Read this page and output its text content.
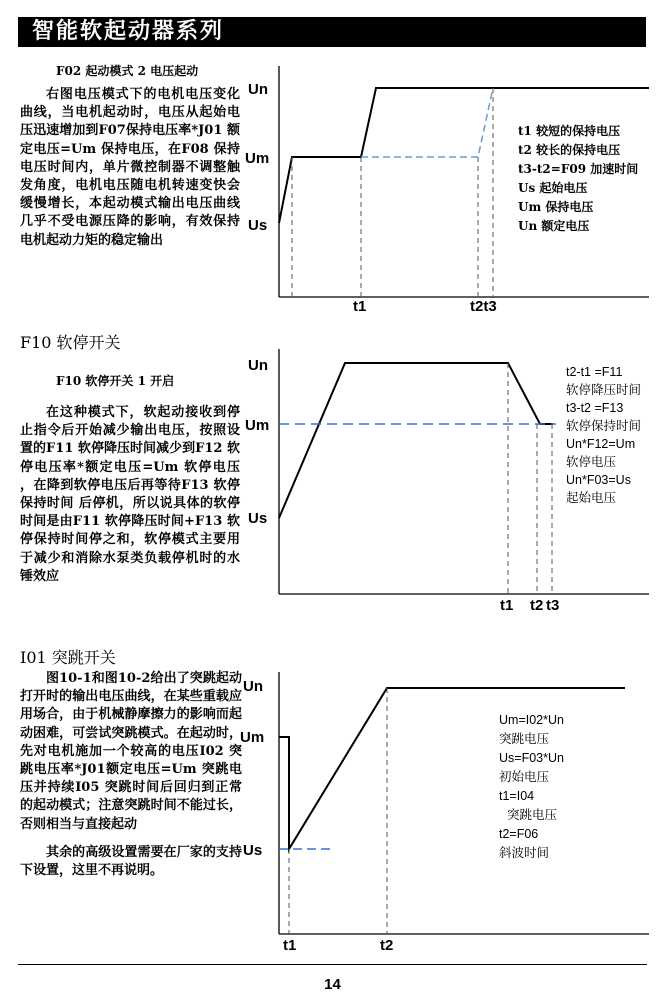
智能软起动器系列
F02 起动模式 2 电压起动

右图电压模式下的电机电压变化曲线，当电机起动时，电压从起始电压迅速增加到F07保持电压率*J01 额定电压=Um 保持电压，在F08 保持电压时间内，单片微控制器不调整触发角度，电机电压随电机转速变快会缓慢增长，本起动模式输出电压曲线几乎不受电源压降的影响，有效保持电机起动力矩的稳定输出

Un
Um
Us
t1	t2t3
t1 较短的保持电压
t2 较长的保持电压
t3-t2=F09 加速时间
Us 起始电压
Um 保持电压
Un 额定电压
F10 软停开关
F10 软停开关 1 开启

在这种模式下，软起动接收到停止指令后开始减少输出电压，按照设置的F11 软停降压时间减少到F12 软停电压率*额定电压=Um 软停电压 ，在降到软停电压后再等待F13 软停保持时间 后停机，所以说具体的软停时间是由F11 软停降压时间+F13 软停保持时间停之和，软停模式主要用于减少和消除水泵类负载停机时的水锤效应

Un
Um
Us
t1 t2 t3
t2-t1 =F11
软停降压时间
t3-t2 =F13
软停保持时间
Un*F12=Um
软停电压
Un*F03=Us
起始电压
I01 突跳开关

图10-1和图10-2给出了突跳起动打开时的输出电压曲线，在某些重载应用场合，由于机械静摩擦力的影响而起动困难，可尝试突跳模式。在起动时，先对电机施加一个较高的电压I02 突跳电压率*J01额定电压=Um 突跳电压并持续I05 突跳时间后回归到正常的起动模式；注意突跳时间不能过长，否则相当与直接起动

其余的高级设置需要在厂家的支持下设置，这里不再说明。

Un
Um
Us
t1	t2
Um=I02*Un
突跳电压
Us=F03*Un
初始电压
t1=I04
突跳电压
t2=F06
斜波时间
14
